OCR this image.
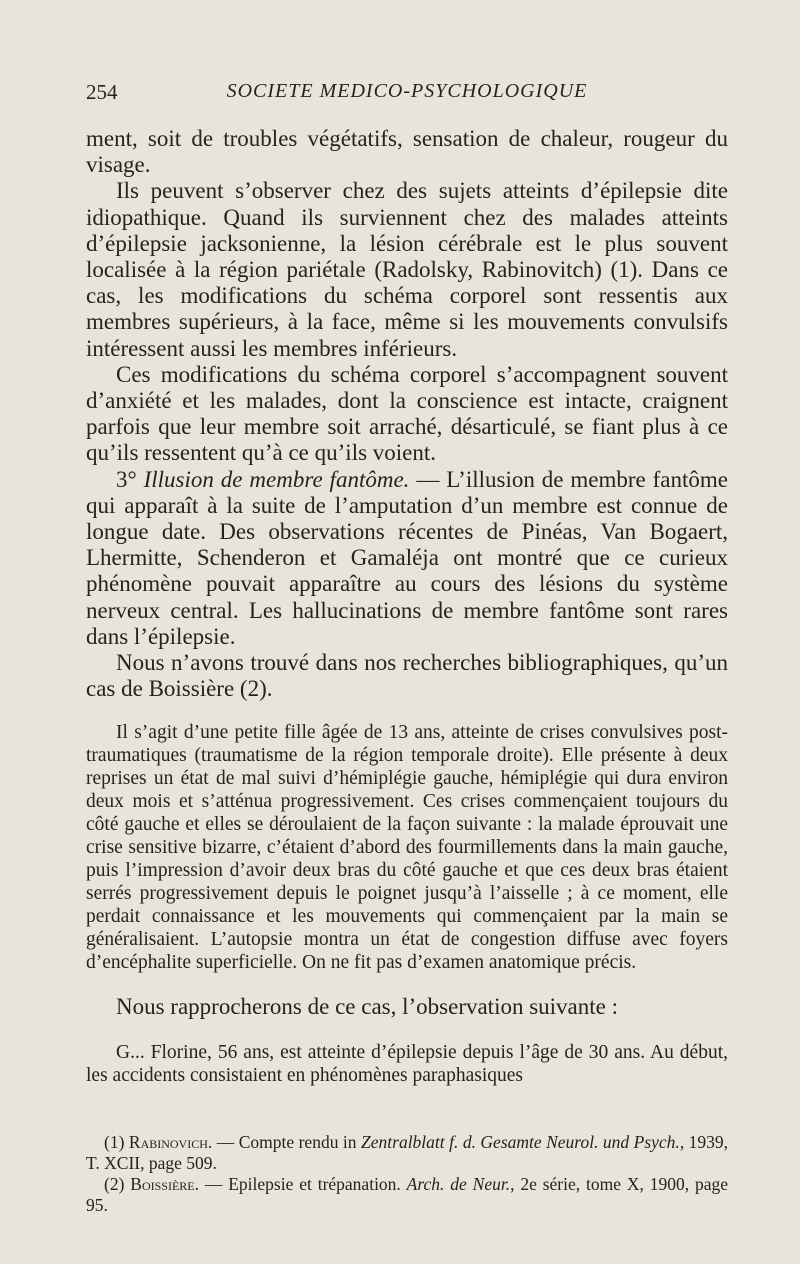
254	SOCIETE MEDICO-PSYCHOLOGIQUE

ment, soit de troubles végétatifs, sensation de chaleur, rougeur du visage.

Ils peuvent s’observer chez des sujets atteints d’épilepsie dite idiopathique. Quand ils surviennent chez des malades atteints d’épilepsie jacksonienne, la lésion cérébrale est le plus souvent localisée à la région pariétale (Radolsky, Rabinovitch) (1). Dans ce cas, les modifications du schéma corporel sont ressentis aux membres supérieurs, à la face, même si les mouvements convulsifs intéressent aussi les membres inférieurs.

Ces modifications du schéma corporel s’accompagnent souvent d’anxiété et les malades, dont la conscience est intacte, craignent parfois que leur membre soit arraché, désarticulé, se fiant plus à ce qu’ils ressentent qu’à ce qu’ils voient.

3° Illusion de membre fantôme. — L’illusion de membre fantôme qui apparaît à la suite de l’amputation d’un membre est connue de longue date. Des observations récentes de Pinéas, Van Bogaert, Lhermitte, Schenderon et Gamaléja ont montré que ce curieux phénomène pouvait apparaître au cours des lésions du système nerveux central. Les hallucinations de membre fantôme sont rares dans l’épilepsie.

Nous n’avons trouvé dans nos recherches bibliographiques, qu’un cas de Boissière (2).

Il s’agit d’une petite fille âgée de 13 ans, atteinte de crises convulsives post-traumatiques (traumatisme de la région temporale droite). Elle présente à deux reprises un état de mal suivi d’hémiplégie gauche, hémiplégie qui dura environ deux mois et s’atténua progressivement. Ces crises commençaient toujours du côté gauche et elles se déroulaient de la façon suivante : la malade éprouvait une crise sensitive bizarre, c’étaient d’abord des fourmillements dans la main gauche, puis l’impression d’avoir deux bras du côté gauche et que ces deux bras étaient serrés progressivement depuis le poignet jusqu’à l’aisselle ; à ce moment, elle perdait connaissance et les mouvements qui commençaient par la main se généralisaient. L’autopsie montra un état de congestion diffuse avec foyers d’encéphalite superficielle. On ne fit pas d’examen anatomique précis.

Nous rapprocherons de ce cas, l’observation suivante :

G... Florine, 56 ans, est atteinte d’épilepsie depuis l’âge de 30 ans. Au début, les accidents consistaient en phénomènes paraphasiques

(1) Rabinovich. — Compte rendu in Zentralblatt f. d. Gesamte Neurol. und Psych., 1939, T. XCII, page 509.

(2) Boissière. — Epilepsie et trépanation. Arch. de Neur., 2e série, tome X, 1900, page 95.
